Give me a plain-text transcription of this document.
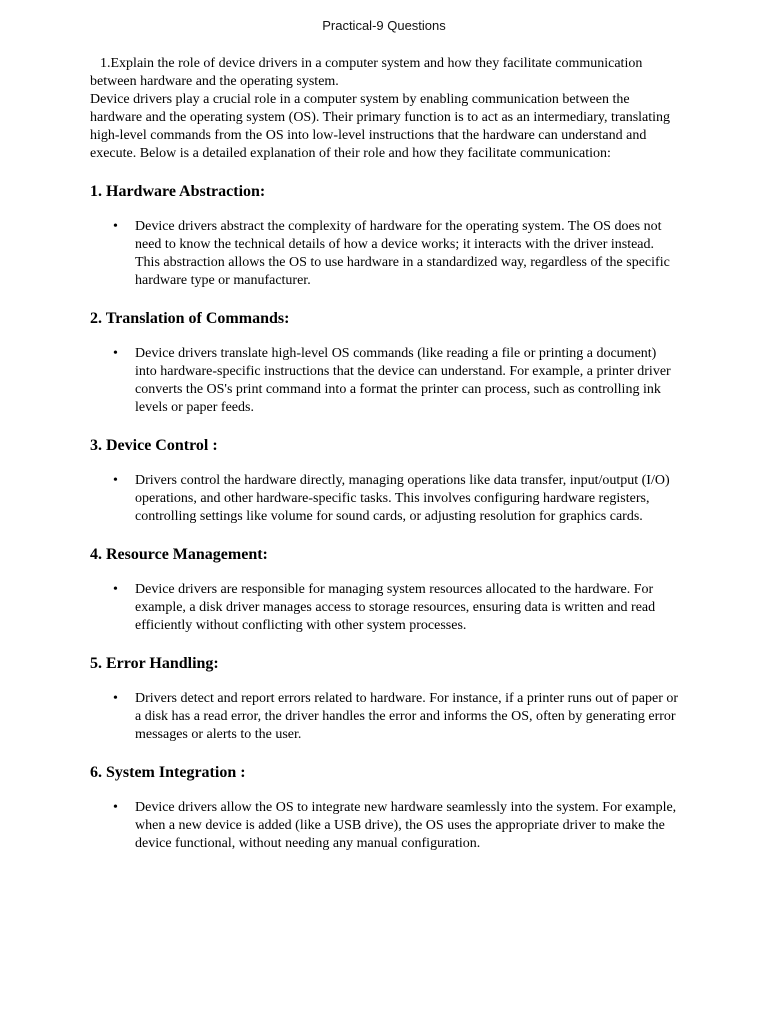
Practical-9 Questions

1.Explain the role of device drivers in a computer system and how they facilitate communication between hardware and the operating system.

Device drivers play a crucial role in a computer system by enabling communication between the hardware and the operating system (OS). Their primary function is to act as an intermediary, translating high-level commands from the OS into low-level instructions that the hardware can understand and execute. Below is a detailed explanation of their role and how they facilitate communication:

1. Hardware Abstraction:
• Device drivers abstract the complexity of hardware for the operating system. The OS does not need to know the technical details of how a device works; it interacts with the driver instead. This abstraction allows the OS to use hardware in a standardized way, regardless of the specific hardware type or manufacturer.
2. Translation of Commands:
• Device drivers translate high-level OS commands (like reading a file or printing a document) into hardware-specific instructions that the device can understand. For example, a printer driver converts the OS's print command into a format the printer can process, such as controlling ink levels or paper feeds.
3. Device Control :
• Drivers control the hardware directly, managing operations like data transfer, input/output (I/O) operations, and other hardware-specific tasks. This involves configuring hardware registers, controlling settings like volume for sound cards, or adjusting resolution for graphics cards.
4. Resource Management:
• Device drivers are responsible for managing system resources allocated to the hardware. For example, a disk driver manages access to storage resources, ensuring data is written and read efficiently without conflicting with other system processes.
5. Error Handling:
• Drivers detect and report errors related to hardware. For instance, if a printer runs out of paper or a disk has a read error, the driver handles the error and informs the OS, often by generating error messages or alerts to the user.
6. System Integration :
• Device drivers allow the OS to integrate new hardware seamlessly into the system. For example, when a new device is added (like a USB drive), the OS uses the appropriate driver to make the device functional, without needing any manual configuration.
